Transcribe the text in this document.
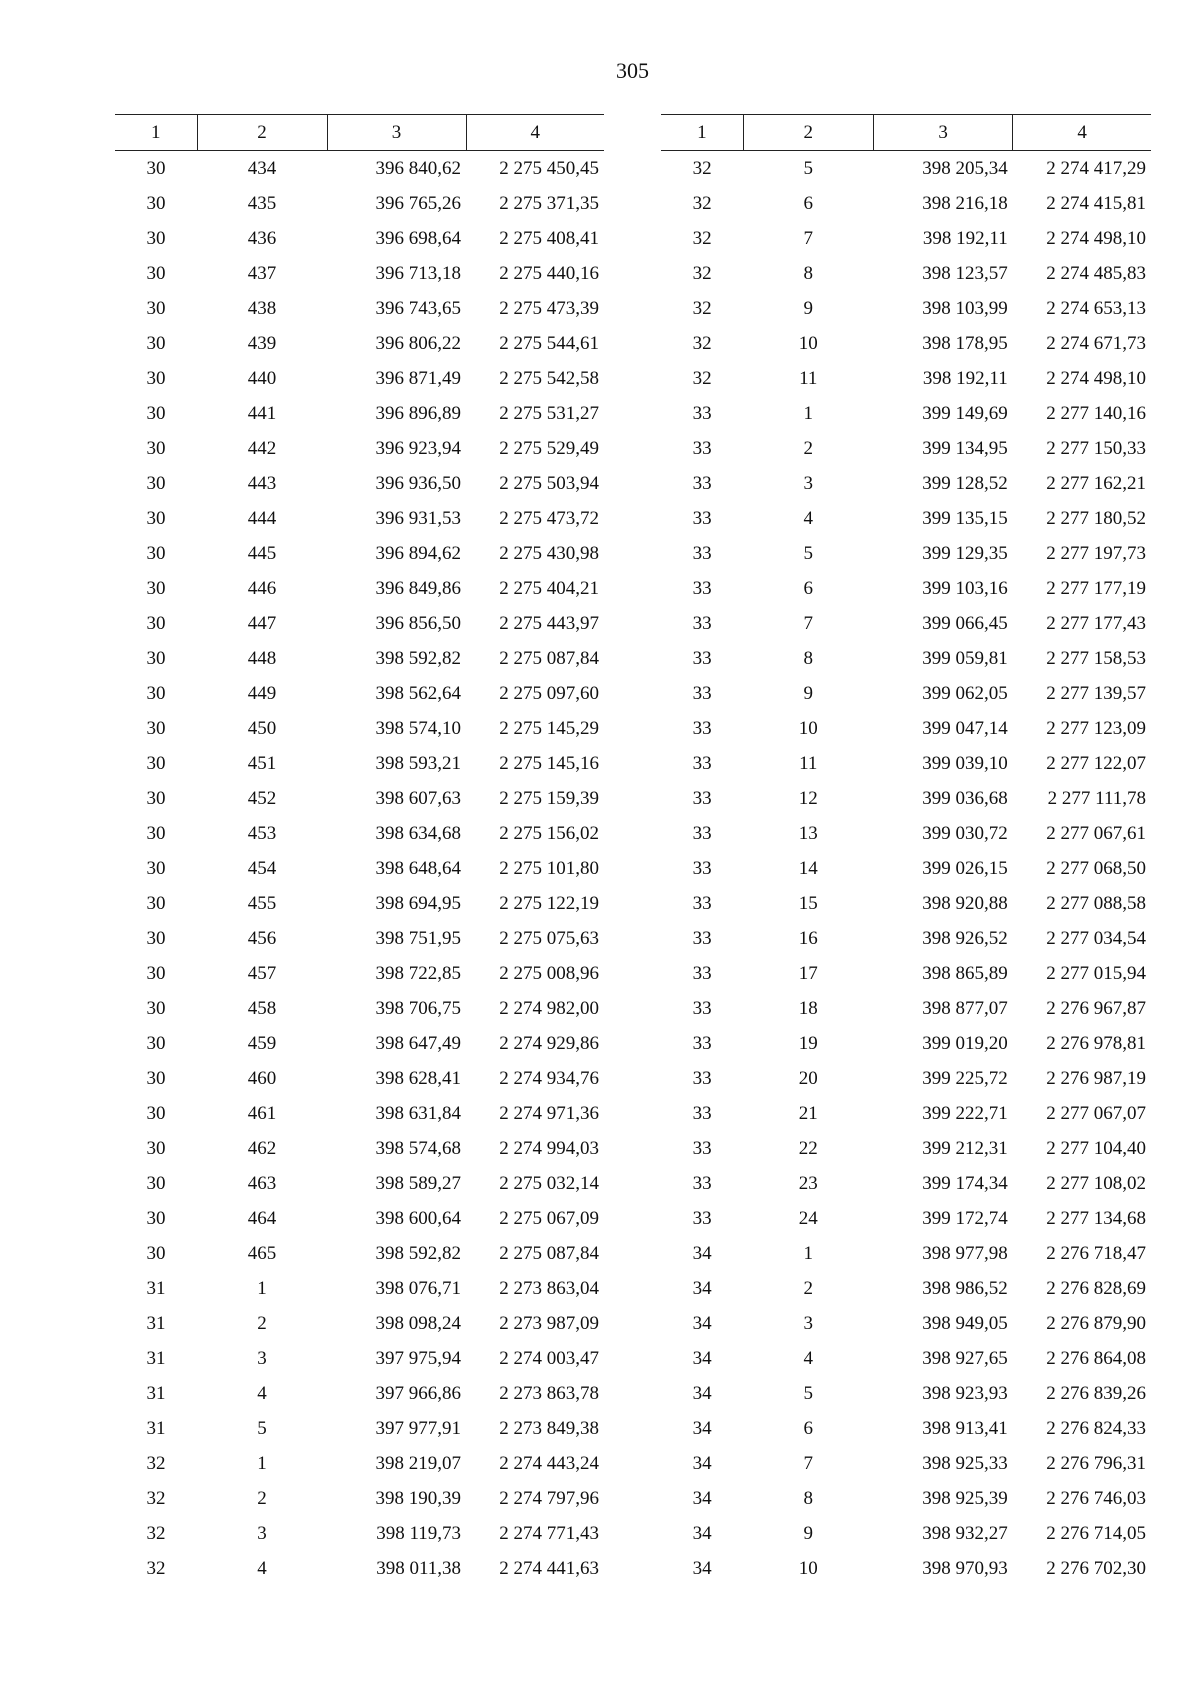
305
1	2	3	4
30	434	396 840,62	2 275 450,45
30	435	396 765,26	2 275 371,35
30	436	396 698,64	2 275 408,41
30	437	396 713,18	2 275 440,16
30	438	396 743,65	2 275 473,39
30	439	396 806,22	2 275 544,61
30	440	396 871,49	2 275 542,58
30	441	396 896,89	2 275 531,27
30	442	396 923,94	2 275 529,49
30	443	396 936,50	2 275 503,94
30	444	396 931,53	2 275 473,72
30	445	396 894,62	2 275 430,98
30	446	396 849,86	2 275 404,21
30	447	396 856,50	2 275 443,97
30	448	398 592,82	2 275 087,84
30	449	398 562,64	2 275 097,60
30	450	398 574,10	2 275 145,29
30	451	398 593,21	2 275 145,16
30	452	398 607,63	2 275 159,39
30	453	398 634,68	2 275 156,02
30	454	398 648,64	2 275 101,80
30	455	398 694,95	2 275 122,19
30	456	398 751,95	2 275 075,63
30	457	398 722,85	2 275 008,96
30	458	398 706,75	2 274 982,00
30	459	398 647,49	2 274 929,86
30	460	398 628,41	2 274 934,76
30	461	398 631,84	2 274 971,36
30	462	398 574,68	2 274 994,03
30	463	398 589,27	2 275 032,14
30	464	398 600,64	2 275 067,09
30	465	398 592,82	2 275 087,84
31	1	398 076,71	2 273 863,04
31	2	398 098,24	2 273 987,09
31	3	397 975,94	2 274 003,47
31	4	397 966,86	2 273 863,78
31	5	397 977,91	2 273 849,38
32	1	398 219,07	2 274 443,24
32	2	398 190,39	2 274 797,96
32	3	398 119,73	2 274 771,43
32	4	398 011,38	2 274 441,63
1	2	3	4
32	5	398 205,34	2 274 417,29
32	6	398 216,18	2 274 415,81
32	7	398 192,11	2 274 498,10
32	8	398 123,57	2 274 485,83
32	9	398 103,99	2 274 653,13
32	10	398 178,95	2 274 671,73
32	11	398 192,11	2 274 498,10
33	1	399 149,69	2 277 140,16
33	2	399 134,95	2 277 150,33
33	3	399 128,52	2 277 162,21
33	4	399 135,15	2 277 180,52
33	5	399 129,35	2 277 197,73
33	6	399 103,16	2 277 177,19
33	7	399 066,45	2 277 177,43
33	8	399 059,81	2 277 158,53
33	9	399 062,05	2 277 139,57
33	10	399 047,14	2 277 123,09
33	11	399 039,10	2 277 122,07
33	12	399 036,68	2 277 111,78
33	13	399 030,72	2 277 067,61
33	14	399 026,15	2 277 068,50
33	15	398 920,88	2 277 088,58
33	16	398 926,52	2 277 034,54
33	17	398 865,89	2 277 015,94
33	18	398 877,07	2 276 967,87
33	19	399 019,20	2 276 978,81
33	20	399 225,72	2 276 987,19
33	21	399 222,71	2 277 067,07
33	22	399 212,31	2 277 104,40
33	23	399 174,34	2 277 108,02
33	24	399 172,74	2 277 134,68
34	1	398 977,98	2 276 718,47
34	2	398 986,52	2 276 828,69
34	3	398 949,05	2 276 879,90
34	4	398 927,65	2 276 864,08
34	5	398 923,93	2 276 839,26
34	6	398 913,41	2 276 824,33
34	7	398 925,33	2 276 796,31
34	8	398 925,39	2 276 746,03
34	9	398 932,27	2 276 714,05
34	10	398 970,93	2 276 702,30
